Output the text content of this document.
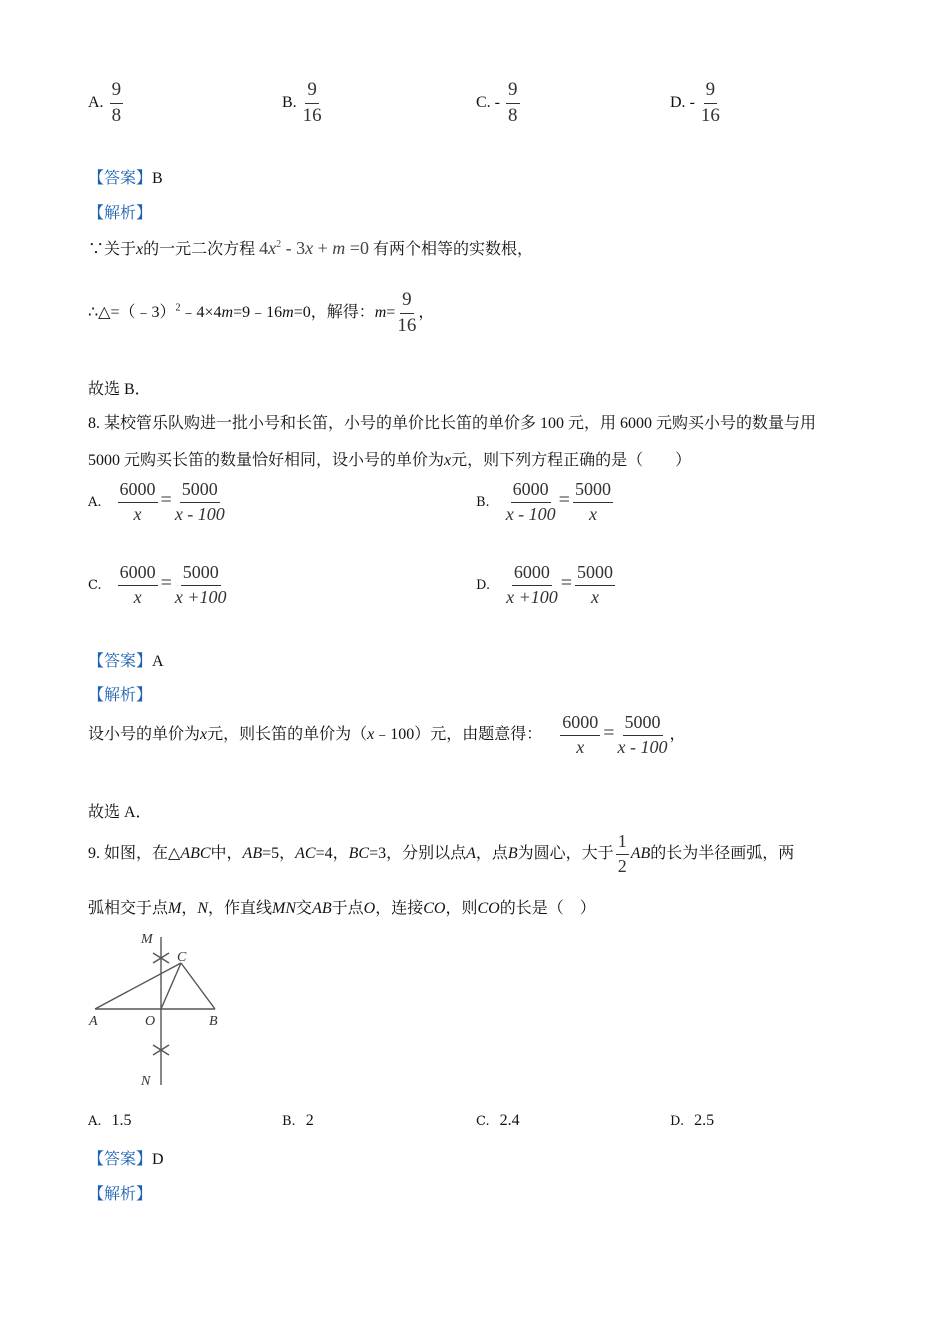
A. $\frac{9}{8}$	B. $\frac{9}{16}$	C. - $\frac{9}{8}$	D. - $\frac{9}{16}$
【答案】B
【解析】
∵关于x的一元二次方程 $4x^2 - 3x + m =0$ 有两个相等的实数根，
∴△=（﹣3）$^2$﹣4×4m=9﹣16m=0，解得：$m= \frac{9}{16}$ ，
故选 B．
8. 某校管乐队购进一批小号和长笛，小号的单价比长笛的单价多 100 元，用 6000 元购买小号的数量与用
5000 元购买长笛的数量恰好相同，设小号的单价为x元，则下列方程正确的是（　　）
A. $\frac{6000}{x} = \frac{5000}{x - 100}$	B. $\frac{6000}{x - 100} = \frac{5000}{x}$
C. $\frac{6000}{x} = \frac{5000}{x +100}$	D. $\frac{6000}{x +100} = \frac{5000}{x}$
【答案】A
【解析】
设小号的单价为x元，则长笛的单价为（x﹣100）元，由题意得： $\frac{6000}{x} = \frac{5000}{x - 100}$ ，
故选 A．
9. 如图，在△ABC中，AB=5，AC=4，BC=3，分别以点A，点B为圆心，大于 $\frac{1}{2}$ AB的长为半径画弧，两
弧相交于点M，N，作直线MN交AB于点O，连接CO，则CO的长是（　）
M
C
A	O	B
N
A. 1.5	B. 2	C. 2.4	D. 2.5
【答案】D
【解析】
